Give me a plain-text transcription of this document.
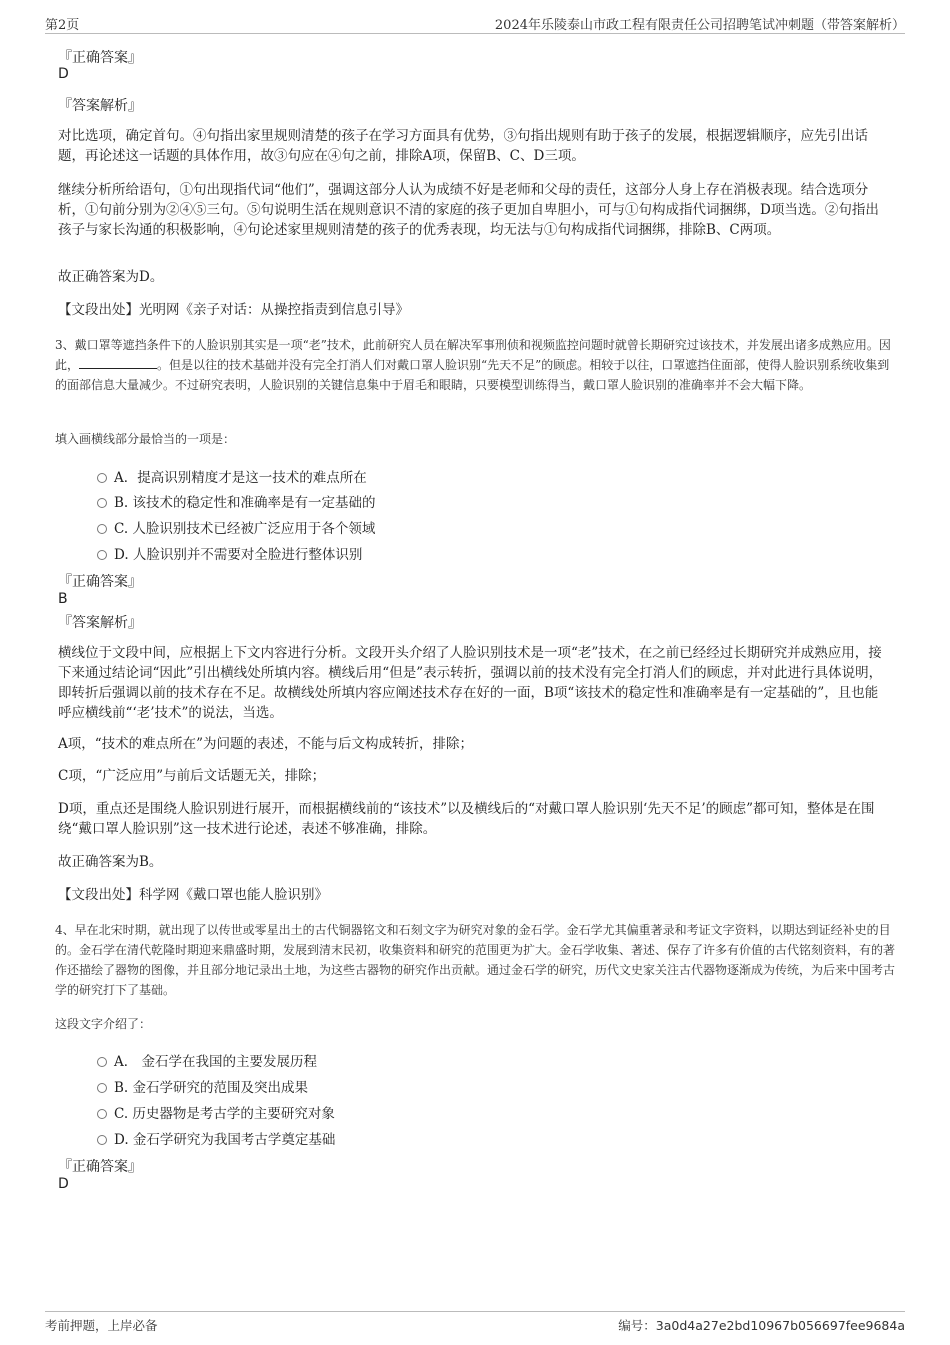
第2页	2024年乐陵泰山市政工程有限责任公司招聘笔试冲刺题（带答案解析）
『正确答案』
D
『答案解析』
对比选项，确定首句。④句指出家里规则清楚的孩子在学习方面具有优势，③句指出规则有助于孩子的发展，根据逻辑顺序，应先引出话题，再论述这一话题的具体作用，故③句应在④句之前，排除A项，保留B、C、D三项。
继续分析所给语句，①句出现指代词“他们”，强调这部分人认为成绩不好是老师和父母的责任，这部分人身上存在消极表现。结合选项分析，①句前分别为②④⑤三句。⑤句说明生活在规则意识不清的家庭的孩子更加自卑胆小，可与①句构成指代词捆绑，D项当选。②句指出孩子与家长沟通的积极影响，④句论述家里规则清楚的孩子的优秀表现，均无法与①句构成指代词捆绑，排除B、C两项。
故正确答案为D。
【文段出处】光明网《亲子对话：从操控指责到信息引导》
3、戴口罩等遮挡条件下的人脸识别其实是一项“老”技术，此前研究人员在解决军事刑侦和视频监控问题时就曾长期研究过该技术，并发展出诸多成熟应用。因此，	。但是以往的技术基础并没有完全打消人们对戴口罩人脸识别“先天不足”的顾虑。相较于以往，口罩遮挡住面部，使得人脸识别系统收集到的面部信息大量减少。不过研究表明，人脸识别的关键信息集中于眉毛和眼睛，只要模型训练得当，戴口罩人脸识别的准确率并不会大幅下降。
填入画横线部分最恰当的一项是：
A．提高识别精度才是这一技术的难点所在
B. 该技术的稳定性和准确率是有一定基础的
C. 人脸识别技术已经被广泛应用于各个领域
D. 人脸识别并不需要对全脸进行整体识别
『正确答案』
B
『答案解析』
横线位于文段中间，应根据上下文内容进行分析。文段开头介绍了人脸识别技术是一项“老”技术，在之前已经经过长期研究并成熟应用，接下来通过结论词“因此”引出横线处所填内容。横线后用“但是”表示转折，强调以前的技术没有完全打消人们的顾虑，并对此进行具体说明，即转折后强调以前的技术存在不足。故横线处所填内容应阐述技术存在好的一面，B项“该技术的稳定性和准确率是有一定基础的”，且也能呼应横线前“‘老’技术”的说法，当选。
A项，“技术的难点所在”为问题的表述，不能与后文构成转折，排除；
C项，“广泛应用”与前后文话题无关，排除；
D项，重点还是围绕人脸识别进行展开，而根据横线前的“该技术”以及横线后的“对戴口罩人脸识别‘先天不足’的顾虑”都可知，整体是在围绕“戴口罩人脸识别”这一技术进行论述，表述不够准确，排除。
故正确答案为B。
【文段出处】科学网《戴口罩也能人脸识别》
4、早在北宋时期，就出现了以传世或零星出土的古代铜器铭文和石刻文字为研究对象的金石学。金石学尤其偏重著录和考证文字资料，以期达到证经补史的目的。金石学在清代乾隆时期迎来鼎盛时期，发展到清末民初，收集资料和研究的范围更为扩大。金石学收集、著述、保存了许多有价值的古代铭刻资料，有的著作还描绘了器物的图像，并且部分地记录出土地，为这些古器物的研究作出贡献。通过金石学的研究，历代文史家关注古代器物逐渐成为传统，为后来中国考古学的研究打下了基础。
这段文字介绍了：
A． 金石学在我国的主要发展历程
B. 金石学研究的范围及突出成果
C. 历史器物是考古学的主要研究对象
D. 金石学研究为我国考古学奠定基础
『正确答案』
D
考前押题，上岸必备	编号：3a0d4a27e2bd10967b056697fee9684a
